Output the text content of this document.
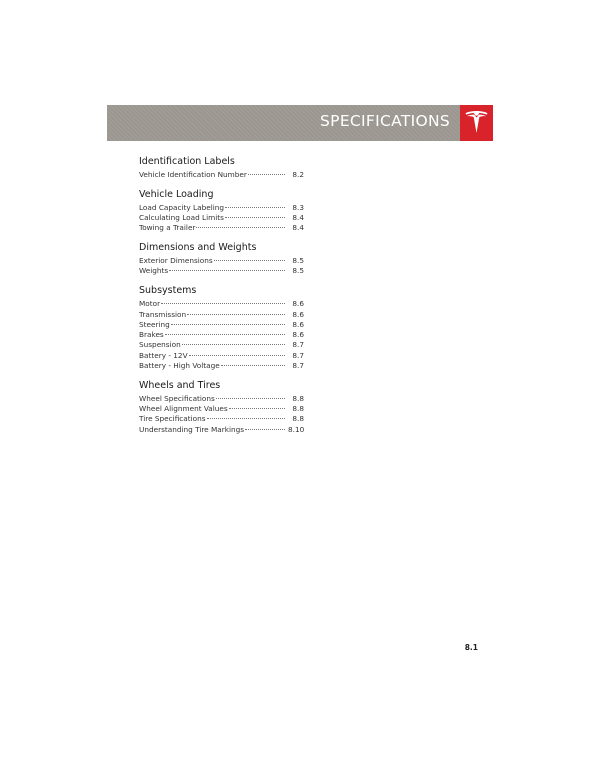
SPECIFICATIONS
Identification Labels
Vehicle Identification Number	8.2
Vehicle Loading
Load Capacity Labeling	8.3
Calculating Load Limits	8.4
Towing a Trailer	8.4
Dimensions and Weights
Exterior Dimensions	8.5
Weights	8.5
Subsystems
Motor	8.6
Transmission	8.6
Steering	8.6
Brakes	8.6
Suspension	8.7
Battery - 12V	8.7
Battery - High Voltage	8.7
Wheels and Tires
Wheel Specifications	8.8
Wheel Alignment Values	8.8
Tire Specifications	8.8
Understanding Tire Markings	8.10
8.1
